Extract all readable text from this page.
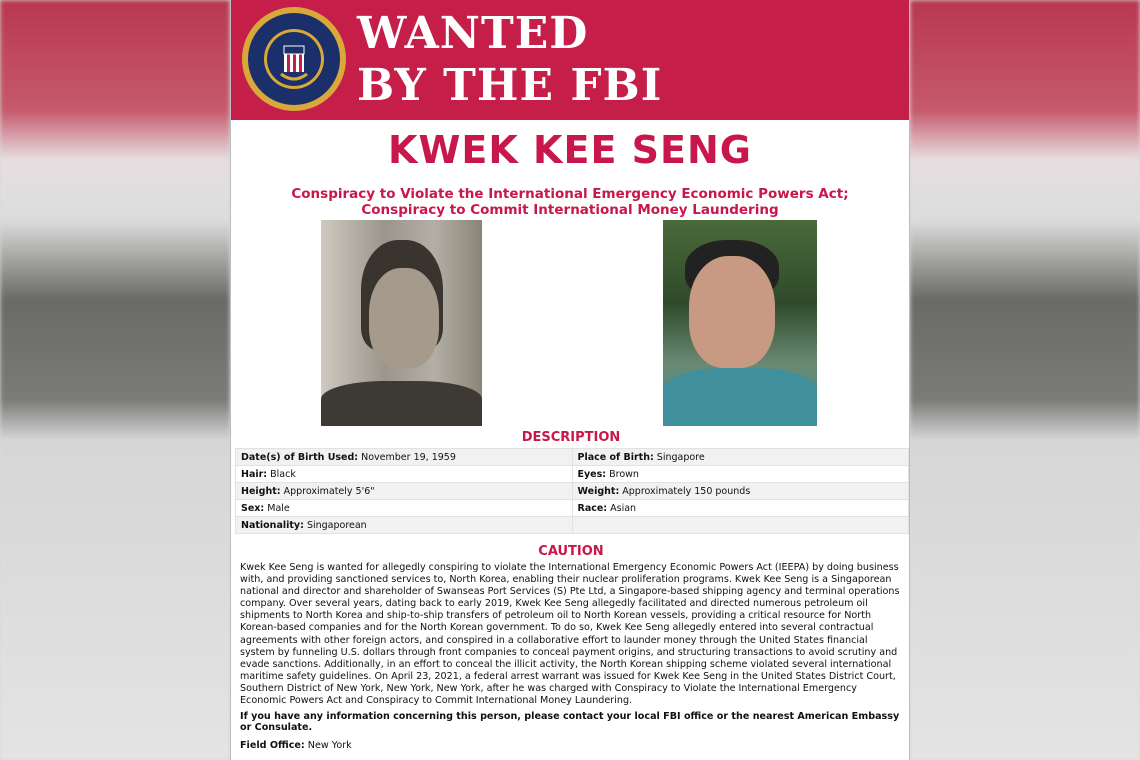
WANTED
BY THE FBI
KWEK KEE SENG
Conspiracy to Violate the International Emergency Economic Powers Act; Conspiracy to Commit International Money Laundering
DESCRIPTION
Date(s) of Birth Used: November 19, 1959	Place of Birth: Singapore
Hair: Black	Eyes: Brown
Height: Approximately 5'6"	Weight: Approximately 150 pounds
Sex: Male	Race: Asian
Nationality: Singaporean	
CAUTION
Kwek Kee Seng is wanted for allegedly conspiring to violate the International Emergency Economic Powers Act (IEEPA) by doing business with, and providing sanctioned services to, North Korea, enabling their nuclear proliferation programs. Kwek Kee Seng is a Singaporean national and director and shareholder of Swanseas Port Services (S) Pte Ltd, a Singapore-based shipping agency and terminal operations company. Over several years, dating back to early 2019, Kwek Kee Seng allegedly facilitated and directed numerous petroleum oil shipments to North Korea and ship-to-ship transfers of petroleum oil to North Korean vessels, providing a critical resource for North Korean-based companies and for the North Korean government. To do so, Kwek Kee Seng allegedly entered into several contractual agreements with other foreign actors, and conspired in a collaborative effort to launder money through the United States financial system by funneling U.S. dollars through front companies to conceal payment origins, and structuring transactions to avoid scrutiny and evade sanctions. Additionally, in an effort to conceal the illicit activity, the North Korean shipping scheme violated several international maritime safety guidelines. On April 23, 2021, a federal arrest warrant was issued for Kwek Kee Seng in the United States District Court, Southern District of New York, New York, New York, after he was charged with Conspiracy to Violate the International Emergency Economic Powers Act and Conspiracy to Commit International Money Laundering.
If you have any information concerning this person, please contact your local FBI office or the nearest American Embassy or Consulate.
Field Office: New York
